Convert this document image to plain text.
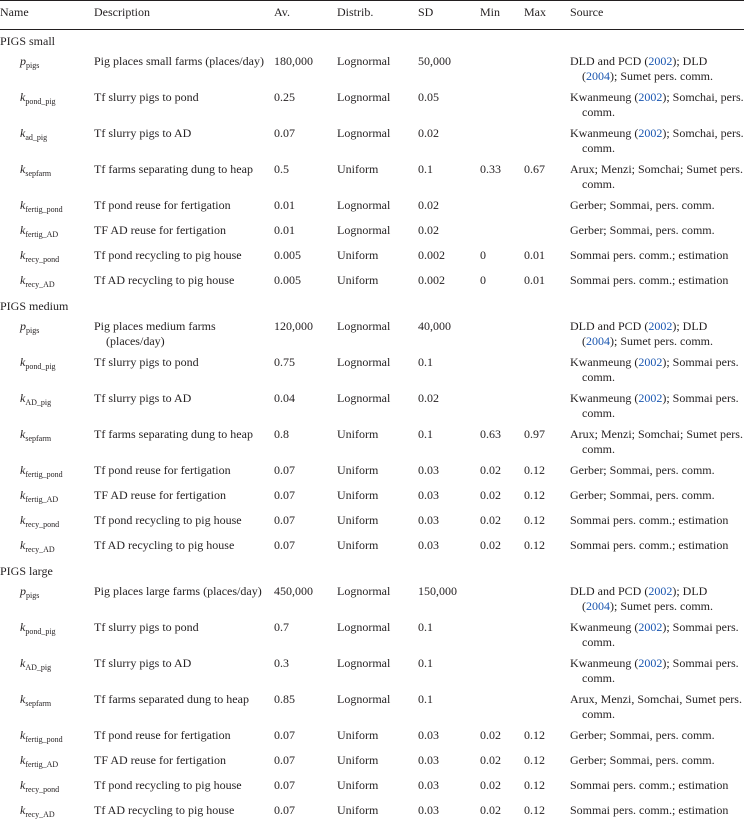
Name	Description	Av.	Distrib.	SD	Min	Max	Source
PIGS small							
$p_{pigs}$	Pig places small farms (places/day)	180,000	Lognormal	50,000			DLD and PCD (2002); DLD (2004); Sumet pers. comm.

$k_{pond\_pig}$	Tf slurry pigs to pond	0.25	Lognormal	0.05			Kwanmeung (2002); Somchai, pers. comm.

$k_{ad\_pig}$	Tf slurry pigs to AD	0.07	Lognormal	0.02			Kwanmeung (2002); Somchai, pers. comm.

$k_{sepfarm}$	Tf farms separating dung to heap	0.5	Uniform	0.1	0.33	0.67	Arux; Menzi; Somchai; Sumet pers. comm.

$k_{fertig\_pond}$	Tf pond reuse for fertigation	0.01	Lognormal	0.02			Gerber; Sommai, pers. comm.

$k_{fertig\_AD}$	TF AD reuse for fertigation	0.01	Lognormal	0.02			Gerber; Sommai, pers. comm.

$k_{recy\_pond}$	Tf pond recycling to pig house	0.005	Uniform	0.002	0	0.01	Sommai pers. comm.; estimation

$k_{recy\_AD}$	Tf AD recycling to pig house	0.005	Uniform	0.002	0	0.01	Sommai pers. comm.; estimation

PIGS medium							
$p_{pigs}$	Pig places medium farms (places/day)	120,000	Lognormal	40,000			DLD and PCD (2002); DLD (2004); Sumet pers. comm.

$k_{pond\_pig}$	Tf slurry pigs to pond	0.75	Lognormal	0.1			Kwanmeung (2002); Sommai pers. comm.

$k_{AD\_pig}$	Tf slurry pigs to AD	0.04	Lognormal	0.02			Kwanmeung (2002); Sommai pers. comm.

$k_{sepfarm}$	Tf farms separating dung to heap	0.8	Uniform	0.1	0.63	0.97	Arux; Menzi; Somchai; Sumet pers. comm.

$k_{fertig\_pond}$	Tf pond reuse for fertigation	0.07	Uniform	0.03	0.02	0.12	Gerber; Sommai, pers. comm.

$k_{fertig\_AD}$	TF AD reuse for fertigation	0.07	Uniform	0.03	0.02	0.12	Gerber; Sommai, pers. comm.

$k_{recy\_pond}$	Tf pond recycling to pig house	0.07	Uniform	0.03	0.02	0.12	Sommai pers. comm.; estimation

$k_{recy\_AD}$	Tf AD recycling to pig house	0.07	Uniform	0.03	0.02	0.12	Sommai pers. comm.; estimation

PIGS large							
$p_{pigs}$	Pig places large farms (places/day)	450,000	Lognormal	150,000			DLD and PCD (2002); DLD (2004); Sumet pers. comm.

$k_{pond\_pig}$	Tf slurry pigs to pond	0.7	Lognormal	0.1			Kwanmeung (2002); Sommai pers. comm.

$k_{AD\_pig}$	Tf slurry pigs to AD	0.3	Lognormal	0.1			Kwanmeung (2002); Sommai pers. comm.

$k_{sepfarm}$	Tf farms separated dung to heap	0.85	Lognormal	0.1			Arux, Menzi, Somchai, Sumet pers. comm.

$k_{fertig\_pond}$	Tf pond reuse for fertigation	0.07	Uniform	0.03	0.02	0.12	Gerber; Sommai, pers. comm.

$k_{fertig\_AD}$	TF AD reuse for fertigation	0.07	Uniform	0.03	0.02	0.12	Gerber; Sommai, pers. comm.

$k_{recy\_pond}$	Tf pond recycling to pig house	0.07	Uniform	0.03	0.02	0.12	Sommai pers. comm.; estimation

$k_{recy\_AD}$	Tf AD recycling to pig house	0.07	Uniform	0.03	0.02	0.12	Sommai pers. comm.; estimation
